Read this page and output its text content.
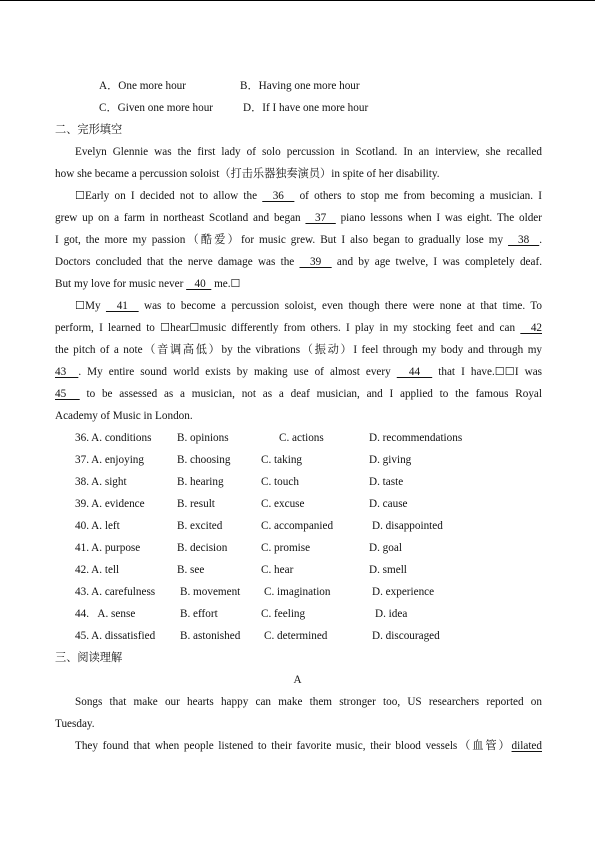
A．One more hour	B．Having one more hour
C．Given one more hour	D．If I have one more hour
二、完形填空
Evelyn Glennie was the first lady of solo percussion in Scotland. In an interview, she recalled
how she became a percussion soloist（打击乐器独奏演员）in spite of her disability.
☐Early on I decided not to allow the   36   of others to stop me from becoming a musician. I
grew up on a farm in northeast Scotland and began   37   piano lessons when I was eight. The older
I got, the more my passion（酷爱）for music grew. But I also began to gradually lose my   38  .
Doctors concluded that the nerve damage was the   39   and by age twelve, I was completely deaf.
But my love for music never    40   me.☐
☐My   41   was to become a percussion soloist, even though there were none at that time. To
perform, I learned to ☐hear☐music differently from others. I play in my stocking feet and can   42
the pitch of a note（音调高低）by the vibrations（振动）I feel through my body and through my
43  . My entire sound world exists by making use of almost every   44   that I have.☐☐I was
45   to be assessed as a musician, not as a deaf musician, and I applied to the famous Royal
Academy of Music in London.
36. A. conditions B. opinions	C. actions	D. recommendations
37. A. enjoying	B. choosing	C. taking	D. giving
38. A. sight	B. hearing	C. touch	D. taste
39. A. evidence	B. result	C. excuse	D. cause
40. A. left	B. excited	C. accompanied	D. disappointed
41. A. purpose	B. decision	C. promise	D. goal
42. A. tell	B. see	C. hear	D. smell
43. A. carefulness B. movement C. imagination	D. experience
44.   A. sense	B. effort	C. feeling	D. idea
45. A. dissatisfied B. astonished C. determined	D. discouraged
三、阅读理解
A
Songs that make our hearts happy can make them stronger too, US researchers reported on
Tuesday.
They found that when people listened to their favorite music, their blood vessels（血管）dilated
